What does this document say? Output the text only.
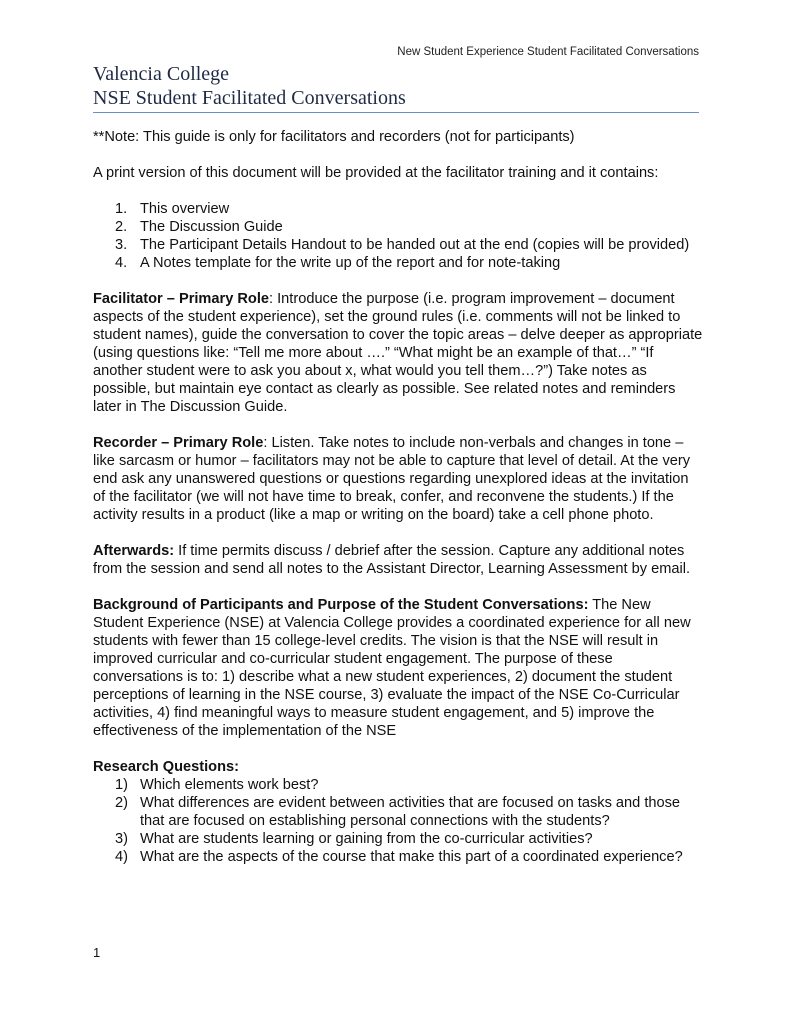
New Student Experience Student Facilitated Conversations
Valencia College
NSE Student Facilitated Conversations

**Note: This guide is only for facilitators and recorders (not for participants)

A print version of this document will be provided at the facilitator training and it contains:

1. This overview
2. The Discussion Guide
3. The Participant Details Handout to be handed out at the end (copies will be provided)
4. A Notes template for the write up of the report and for note-taking

Facilitator – Primary Role: Introduce the purpose (i.e. program improvement – document aspects of the student experience), set the ground rules (i.e. comments will not be linked to student names), guide the conversation to cover the topic areas – delve deeper as appropriate (using questions like: “Tell me more about ….” “What might be an example of that…” “If another student were to ask you about x, what would you tell them…?”) Take notes as possible, but maintain eye contact as clearly as possible. See related notes and reminders later in The Discussion Guide.

Recorder – Primary Role: Listen. Take notes to include non-verbals and changes in tone – like sarcasm or humor – facilitators may not be able to capture that level of detail. At the very end ask any unanswered questions or questions regarding unexplored ideas at the invitation of the facilitator (we will not have time to break, confer, and reconvene the students.) If the activity results in a product (like a map or writing on the board) take a cell phone photo.

Afterwards: If time permits discuss / debrief after the session. Capture any additional notes from the session and send all notes to the Assistant Director, Learning Assessment by email.

Background of Participants and Purpose of the Student Conversations: The New Student Experience (NSE) at Valencia College provides a coordinated experience for all new students with fewer than 15 college-level credits. The vision is that the NSE will result in improved curricular and co-curricular student engagement. The purpose of these conversations is to: 1) describe what a new student experiences, 2) document the student perceptions of learning in the NSE course, 3) evaluate the impact of the NSE Co-Curricular activities, 4) find meaningful ways to measure student engagement, and 5) improve the effectiveness of the implementation of the NSE

Research Questions:

1) Which elements work best?
2) What differences are evident between activities that are focused on tasks and those that are focused on establishing personal connections with the students?
3) What are students learning or gaining from the co-curricular activities?
4) What are the aspects of the course that make this part of a coordinated experience?
1
